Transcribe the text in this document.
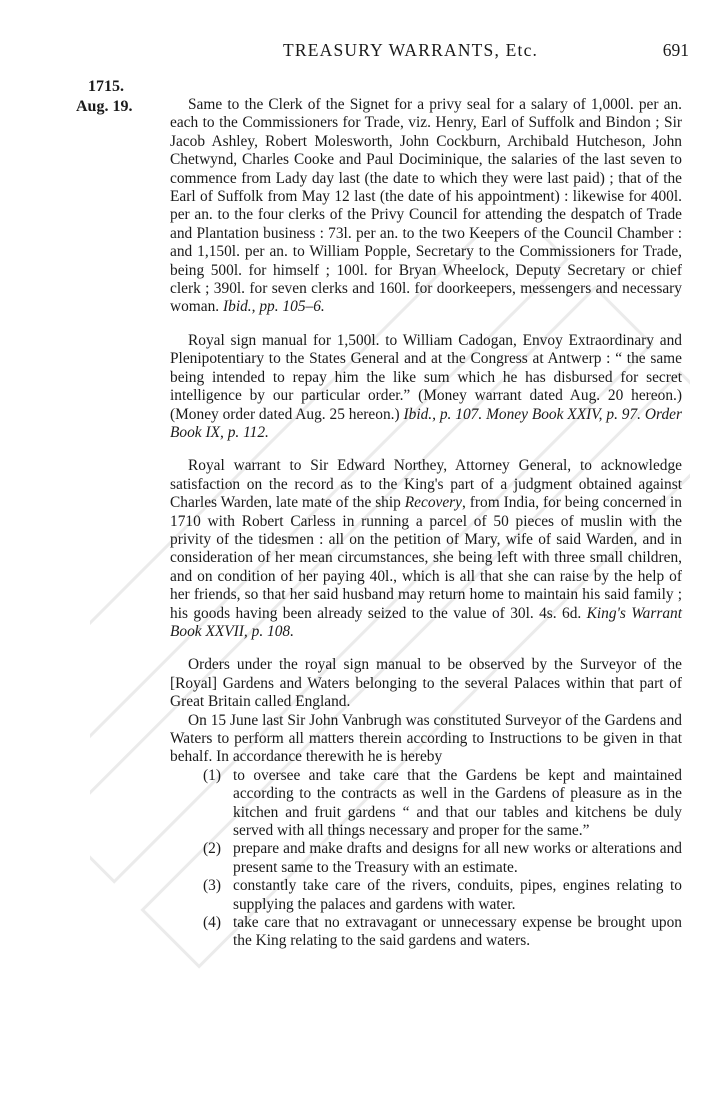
TREASURY WARRANTS, Etc.	691
1715.
Aug. 19.	Same to the Clerk of the Signet for a privy seal for a salary of 1,000l. per an. each to the Commissioners for Trade, viz. Henry, Earl of Suffolk and Bindon ; Sir Jacob Ashley, Robert Molesworth, John Cockburn, Archibald Hutcheson, John Chetwynd, Charles Cooke and Paul Dociminique, the salaries of the last seven to commence from Lady day last (the date to which they were last paid) ; that of the Earl of Suffolk from May 12 last (the date of his appointment) : likewise for 400l. per an. to the four clerks of the Privy Council for attending the despatch of Trade and Plantation business : 73l. per an. to the two Keepers of the Council Chamber : and 1,150l. per an. to William Popple, Secretary to the Commissioners for Trade, being 500l. for himself ; 100l. for Bryan Wheelock, Deputy Secretary or chief clerk ; 390l. for seven clerks and 160l. for doorkeepers, messengers and necessary woman. Ibid., pp. 105–6.

Royal sign manual for 1,500l. to William Cadogan, Envoy Extraordinary and Plenipotentiary to the States General and at the Congress at Antwerp : “ the same being intended to repay him the like sum which he has disbursed for secret intelligence by our particular order.” (Money warrant dated Aug. 20 hereon.) (Money order dated Aug. 25 hereon.) Ibid., p. 107. Money Book XXIV, p. 97. Order Book IX, p. 112.

Royal warrant to Sir Edward Northey, Attorney General, to acknowledge satisfaction on the record as to the King's part of a judgment obtained against Charles Warden, late mate of the ship Recovery, from India, for being concerned in 1710 with Robert Carless in running a parcel of 50 pieces of muslin with the privity of the tidesmen : all on the petition of Mary, wife of said Warden, and in consideration of her mean circumstances, she being left with three small children, and on condition of her paying 40l., which is all that she can raise by the help of her friends, so that her said husband may return home to maintain his said family ; his goods having been already seized to the value of 30l. 4s. 6d. King's Warrant Book XXVII, p. 108.

Orders under the royal sign manual to be observed by the Surveyor of the [Royal] Gardens and Waters belonging to the several Palaces within that part of Great Britain called England.

On 15 June last Sir John Vanbrugh was constituted Surveyor of the Gardens and Waters to perform all matters therein according to Instructions to be given in that behalf. In accordance therewith he is hereby

(1) to oversee and take care that the Gardens be kept and maintained according to the contracts as well in the Gardens of pleasure as in the kitchen and fruit gardens “ and that our tables and kitchens be duly served with all things necessary and proper for the same.”
(2) prepare and make drafts and designs for all new works or alterations and present same to the Treasury with an estimate.
(3) constantly take care of the rivers, conduits, pipes, engines relating to supplying the palaces and gardens with water.
(4) take care that no extravagant or unnecessary expense be brought upon the King relating to the said gardens and waters.
